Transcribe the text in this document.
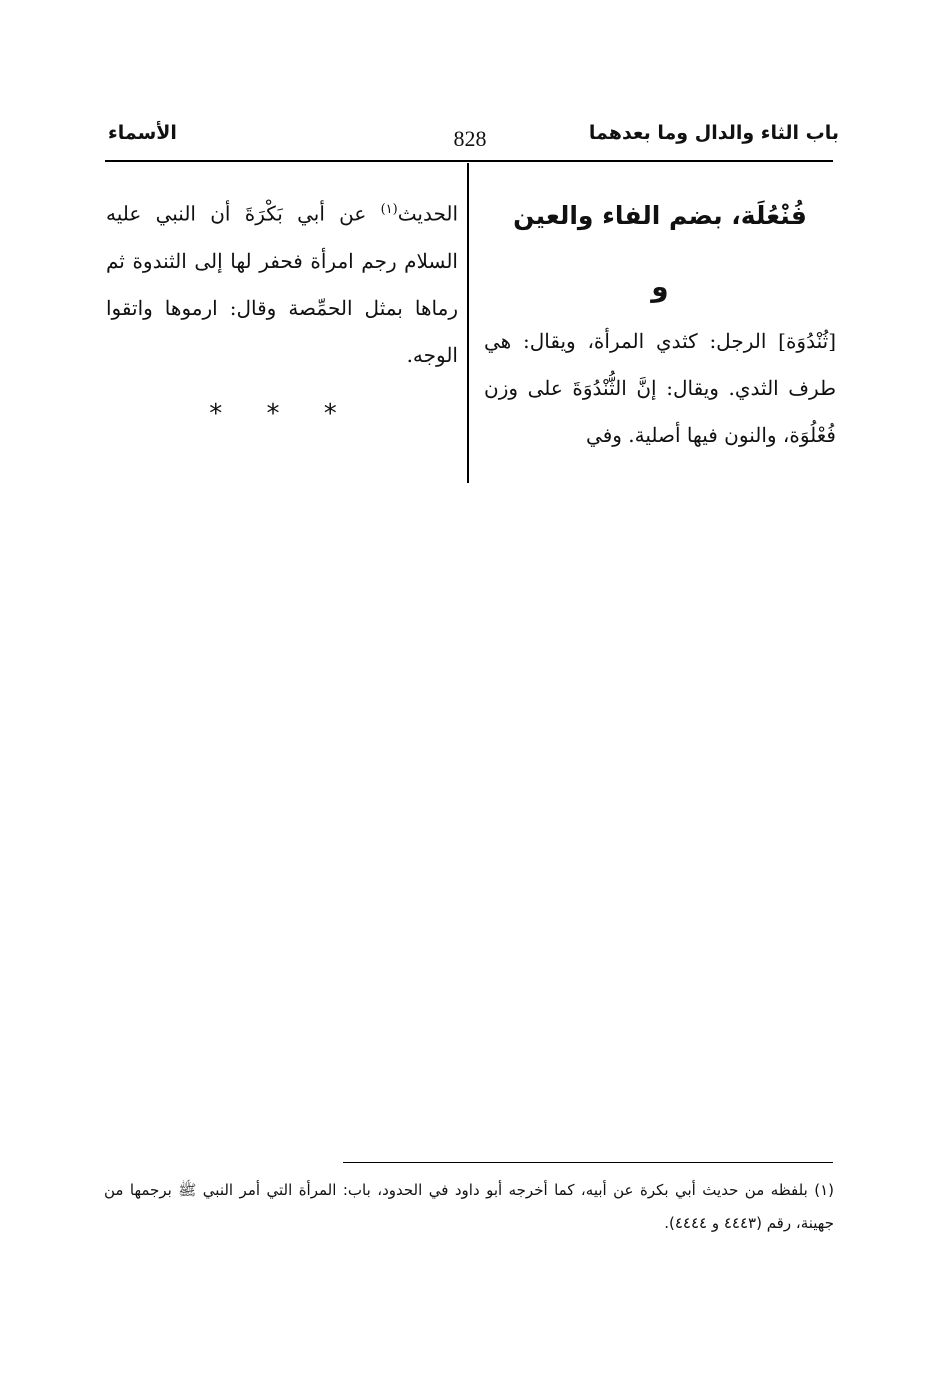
باب الثاء والدال وما بعدهما
828
الأسماء
فُنْعُلَة، بضم الفاء والعين
و

[ثُنْدُوَة] الرجل: كثدي المرأة، ويقال: هي طرف الثدي. ويقال: إنَّ الثُّنْدُوَةَ على وزن فُعْلُوَة، والنون فيها أصلية. وفي

الحديث$^{(١)}$ عن أبي بَكْرَةَ أن النبي عليه السلام رجم امرأة فحفر لها إلى الثندوة ثم رماها بمثل الحمِّصة وقال: ارموها واتقوا الوجه.

* * *
(١) بلفظه من حديث أبي بكرة عن أبيه، كما أخرجه أبو داود في الحدود، باب: المرأة التي أمر النبي ﷺ برجمها من جهينة، رقم (٤٤٤٣ و ٤٤٤٤).
